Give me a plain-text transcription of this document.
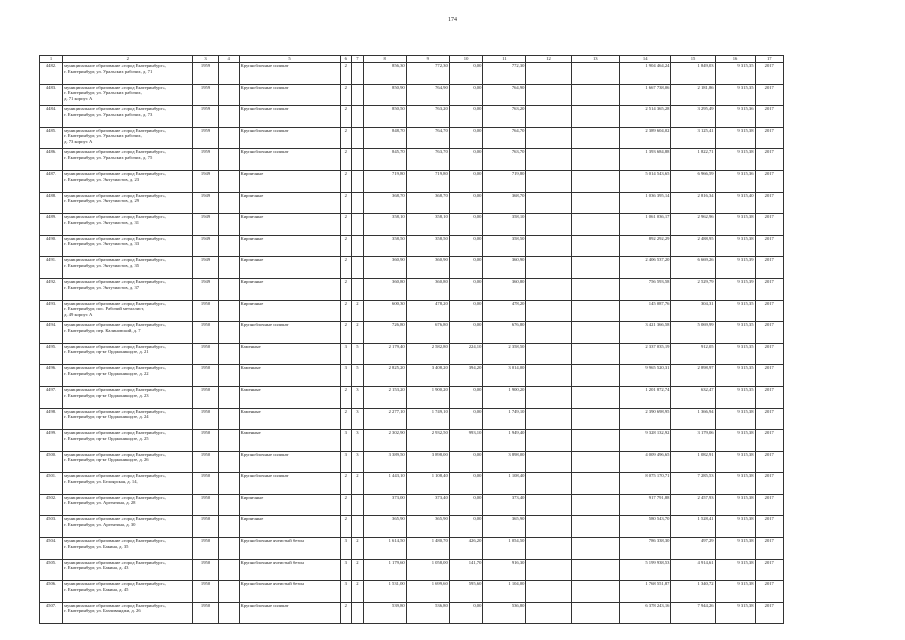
174
1	2	3	4	5	6	7	8	9	10	11	12	13	14	15	16	17
4482.	муниципальное образование «город Екатеринбург»,
г. Екатеринбург, ул. Уральских рабочих, д. 71	1959		Крупноблочные силикат	2		856,30	772,30	0,00	772,30			1 904 464,24	1 849,03	9 315,35	2017
4483.	муниципальное образование «город Екатеринбург»,
г. Екатеринбург, ул. Уральских рабочих,
д. 71 корпус А	1959		Крупноблочные силикат	2		850,90	764,90	0,00	764,90			1 667 738,06	2 181,86	9 315,35	2017
4484.	муниципальное образование «город Екатеринбург»,
г. Екатеринбург, ул. Уральских рабочих, д. 73	1959		Крупноблочные силикат	2		850,50	763,20	0,00	763,20			2 514 365,28	3 295,49	9 315,36	2017
4485.	муниципальное образование «город Екатеринбург»,
г. Екатеринбург, ул. Уральских рабочих,
д. 73 корпус А	1959		Крупноблочные силикат	2		848,70	764,70	0,00	764,70			2 389 604,02	3 125,41	9 315,38	2017
4486.	муниципальное образование «город Екатеринбург»,
г. Екатеринбург, ул. Уральских рабочих, д. 75	1959		Крупноблочные силикат	2		845,70	763,70	0,00	763,70			1 393 684,88	1 822,71	9 315,38	2017
4487.	муниципальное образование «город Екатеринбург»,
г. Екатеринбург, ул. Энтузиастов, д. 23	1949		Кирпичные	2		719,80	719,80	0,00	719,80			5 014 543,65	6 966,59	9 315,36	2017
4488.	муниципальное образование «город Екатеринбург»,
г. Екатеринбург, ул. Энтузиастов, д. 29	1949		Кирпичные	2		368,70	368,70	0,00	368,70			1 036 395,14	2 816,34	9 315,40	2017
4489.	муниципальное образование «город Екатеринбург»,
г. Екатеринбург, ул. Энтузиастов, д. 31	1949		Кирпичные	2		358,10	358,10	0,00	358,10			1 061 036,17	2 962,96	9 315,38	2017
4490.	муниципальное образование «город Екатеринбург»,
г. Екатеринбург, ул. Энтузиастов, д. 33	1949		Кирпичные	2		358,50	358,50	0,00	358,50			892 292,29	2 488,95	9 315,38	2017
4491.	муниципальное образование «город Екатеринбург»,
г. Екатеринбург, ул. Энтузиастов, д. 35	1949		Кирпичные	2		360,90	360,90	0,00	360,90			2 406 537,20	6 669,26	9 315,39	2017
4492.	муниципальное образование «город Екатеринбург»,
г. Екатеринбург, ул. Энтузиастов, д. 37	1949		Кирпичные	2		360,80	360,80	0,00	360,80			756 593,58	2 529,79	9 315,39	2017
4493.	муниципальное образование «город Екатеринбург»,
г. Екатеринбург, пос. Рабочий металлист,
д. 49 корпус А	1950		Кирпичные	2	2	600,30	478,20	0,00	478,20			145 087,76	304,31	9 315,35	2017
4494.	муниципальное образование «город Екатеринбург»,
г. Екатеринбург, пер. Калиновский, д. 7	1950		Крупноблочные силикат	2	2	726,80	676,80	0,00	676,80			3 421 366,58	5 069,99	9 315,35	2017
4495.	муниципальное образование «город Екатеринбург»,
г. Екатеринбург, пр-кт Орджоникидзе, д. 21	1950		Каменные	3	5	2 179,40	2 582,80	224,10	2 358,50			2 337 035,19	912,05	9 315,35	2017
4496.	муниципальное образование «город Екатеринбург»,
г. Екатеринбург, пр-кт Орджоникидзе, д. 22	1950		Каменные	3	5	2 825,20	3 408,20	394,20	3 014,00			9 965 520,31	2 898,97	9 315,35	2017
4497.	муниципальное образование «город Екатеринбург»,
г. Екатеринбург, пр-кт Орджоникидзе, д. 23	1950		Каменные	2	3	2 153,20	1 900,20	0,00	1 900,20			1 201 872,74	632,47	9 315,35	2017
4498.	муниципальное образование «город Екатеринбург»,
г. Екатеринбург, пр-кт Орджоникидзе, д. 24	1950		Каменные	2	3	2 277,10	1 749,10	0,00	1 749,10			2 390 698,95	1 366,94	9 315,38	2017
4499.	муниципальное образование «город Екатеринбург»,
г. Екатеринбург, пр-кт Орджоникидзе, д. 25	1950		Каменные	3	3	2 302,90	2 932,50	993,10	1 949,40			9 328 132,92	3 179,06	9 315,38	2017
4500.	муниципальное образование «город Екатеринбург»,
г. Екатеринбург, пр-кт Орджоникидзе, д. 26	1950		Крупноблочные силикат	3	3	3 389,50	3 898,00	0,00	3 898,00			4 009 496,65	1 082,91	9 315,38	2017
4501.	муниципальное образование «город Екатеринбург»,
г. Екатеринбург, ул. Белоярская, д. 14,	1950		Крупноблочные силикат	2	2	1 443,10	1 108,40	0,00	1 108,40			8 075 170,71	7 285,53	9 315,38	2017
4502.	муниципальное образование «город Екатеринбург»,
г. Екатеринбург, ул. Аргентина, д. 28	1950		Кирпичные	2		373,00	373,40	0,00	373,40			917 791,88	2 457,93	9 315,38	2017
4503.	муниципальное образование «город Екатеринбург»,
г. Екатеринбург, ул. Аргентина, д. 30	1950		Кирпичные	2		365,90	365,90	0,00	365,90			580 543,70	1 528,41	9 315,38	2017
4504.	муниципальное образование «город Екатеринбург»,
г. Екатеринбург, ул. Бакина, д. 35	1950		Крупноблочные ячеистый бетон	3	2	1 614,50	1 480,70	426,20	1 054,50			786 338,30	497,29	9 315,38	2017
4505.	муниципальное образование «город Екатеринбург»,
г. Екатеринбург, ул. Бакина, д. 43	1950		Крупноблочные ячеистый бетон	3	2	1 179,60	1 058,00	141,70	916,30			5 199 938,53	4 914,61	9 315,38	2017
4506.	муниципальное образование «город Екатеринбург»,
г. Екатеринбург, ул. Бакина, д. 45	1950		Крупноблочные ячеистый бетон	3	2	1 531,00	1 699,60	595,60	1 104,00			1 768 551,87	1 340,72	9 315,38	2017
4507.	муниципальное образование «город Екатеринбург»,
г. Екатеринбург, ул. Бахчиванджи, д. 26	1950		Крупноблочные силикат	2		539,80	536,80	0,00	536,80			6 378 243,16	7 944,26	9 315,38	2017
